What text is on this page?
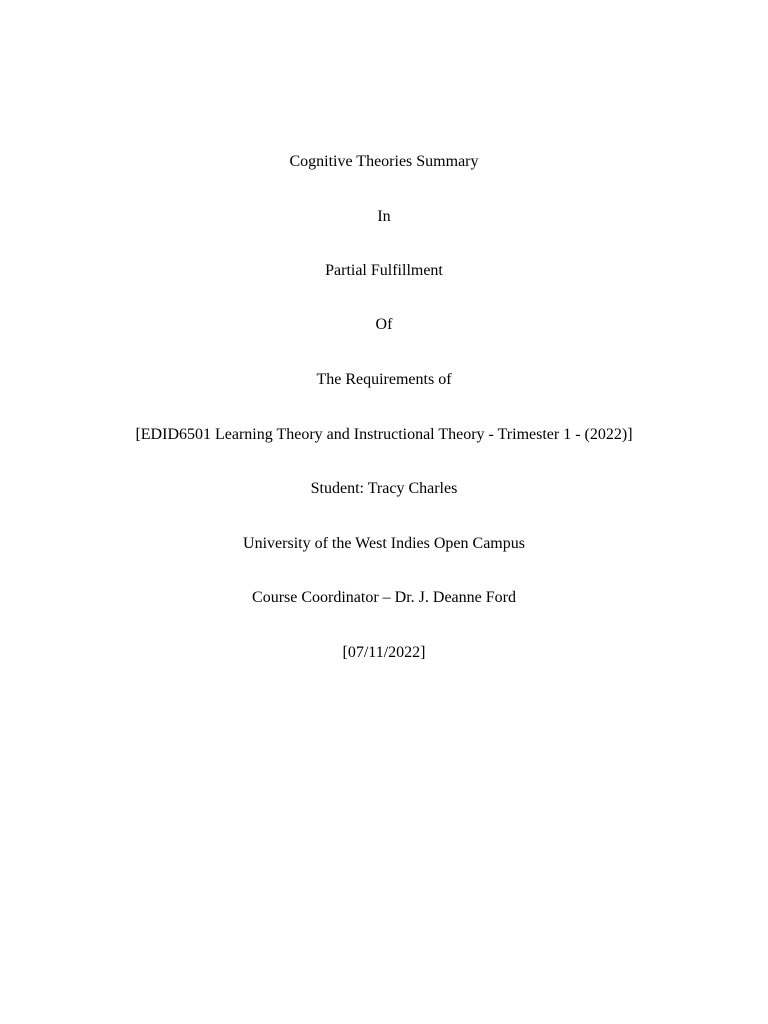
Cognitive Theories Summary
In
Partial Fulfillment
Of
The Requirements of
[EDID6501 Learning Theory and Instructional Theory - Trimester 1 - (2022)]
Student: Tracy Charles
University of the West Indies Open Campus
Course Coordinator – Dr. J. Deanne Ford
[07/11/2022]
